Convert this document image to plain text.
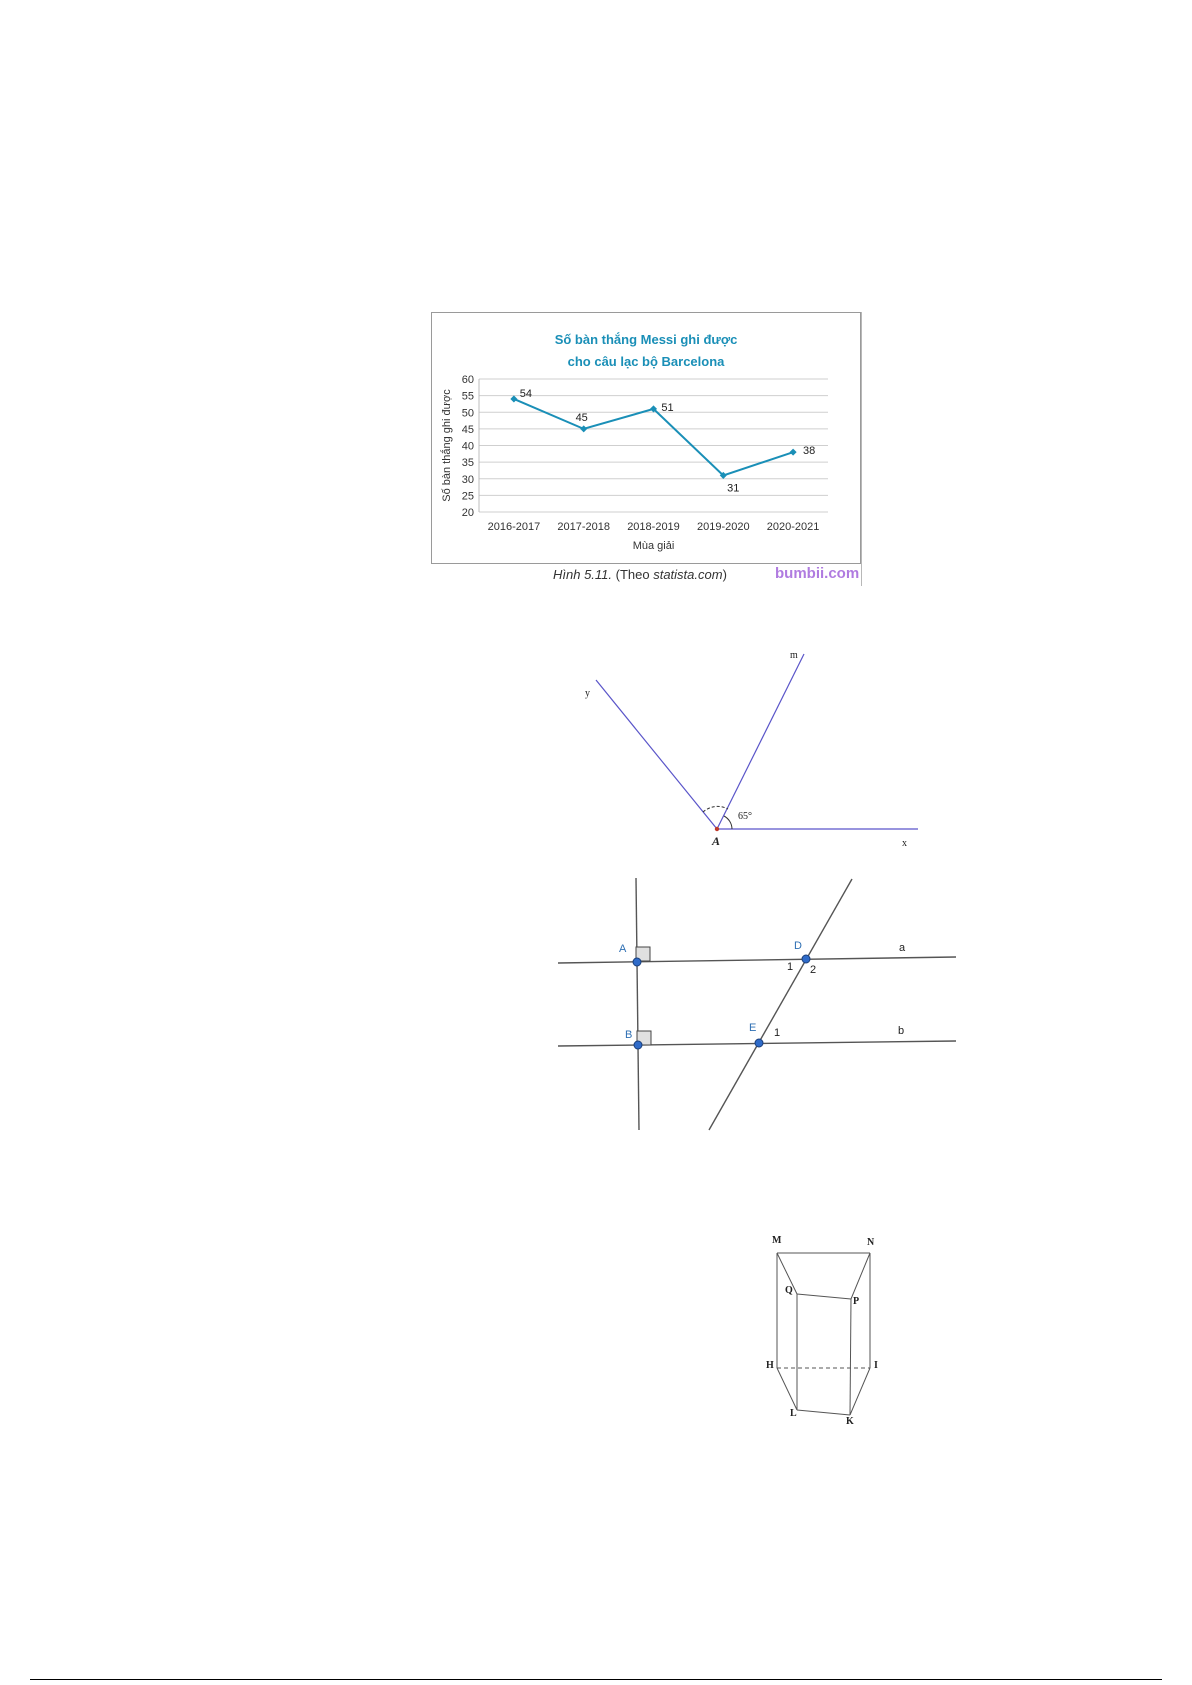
Số bàn thắng Messi ghi được
cho câu lạc bộ Barcelona
20
25
30
35
40
45
50
55
60
2016-2017 2017-2018 2018-2019 2019-2020 2020-2021
Mùa giải
Số bàn thắng ghi được	54
45
51
31
38
Hình 5.11. (Theo statista.com)	bumbii.com
y
m
x
A
65°
A
B
D
E
a
b
1 2
1
M	N
Q
P
H	I
L
K
